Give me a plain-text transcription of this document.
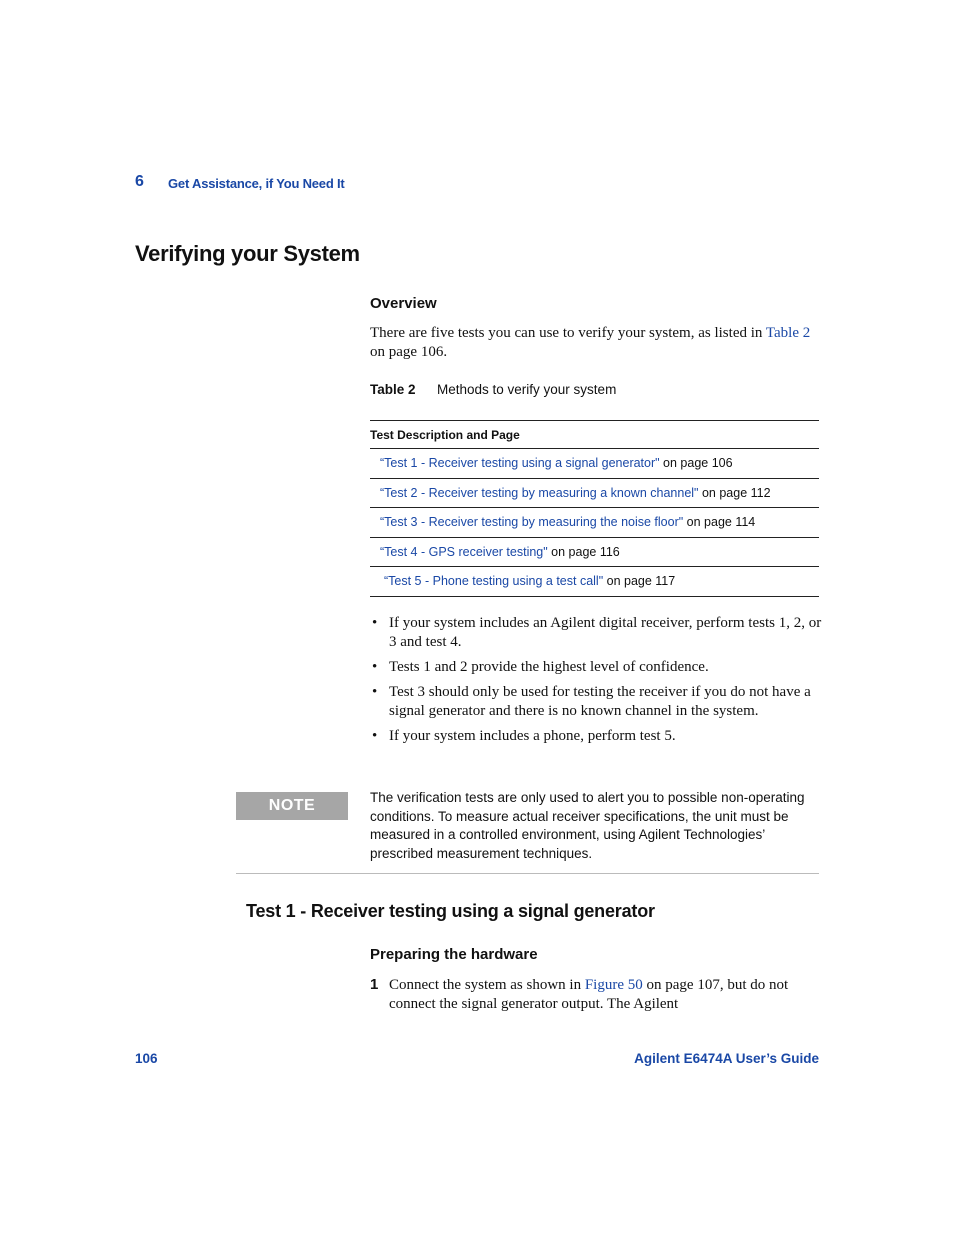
6 Get Assistance, if You Need It
Verifying your System
Overview
There are five tests you can use to verify your system, as listed in Table 2 on page 106.
Table 2 Methods to verify your system
Test Description and Page
“Test 1 - Receiver testing using a signal generator" on page 106
“Test 2 - Receiver testing by measuring a known channel" on page 112
“Test 3 - Receiver testing by measuring the noise floor" on page 114
“Test 4 - GPS receiver testing" on page 116
“Test 5 - Phone testing using a test call" on page 117
• If your system includes an Agilent digital receiver, perform tests 1, 2, or 3 and test 4.
• Tests 1 and 2 provide the highest level of confidence.
• Test 3 should only be used for testing the receiver if you do not have a signal generator and there is no known channel in the system.
• If your system includes a phone, perform test 5.
NOTE	The verification tests are only used to alert you to possible non-operating conditions. To measure actual receiver specifications, the unit must be measured in a controlled environment, using Agilent Technologies’ prescribed measurement techniques.
Test 1 - Receiver testing using a signal generator
Preparing the hardware
1 Connect the system as shown in Figure 50 on page 107, but do not connect the signal generator output. The Agilent
106	Agilent E6474A User’s Guide
